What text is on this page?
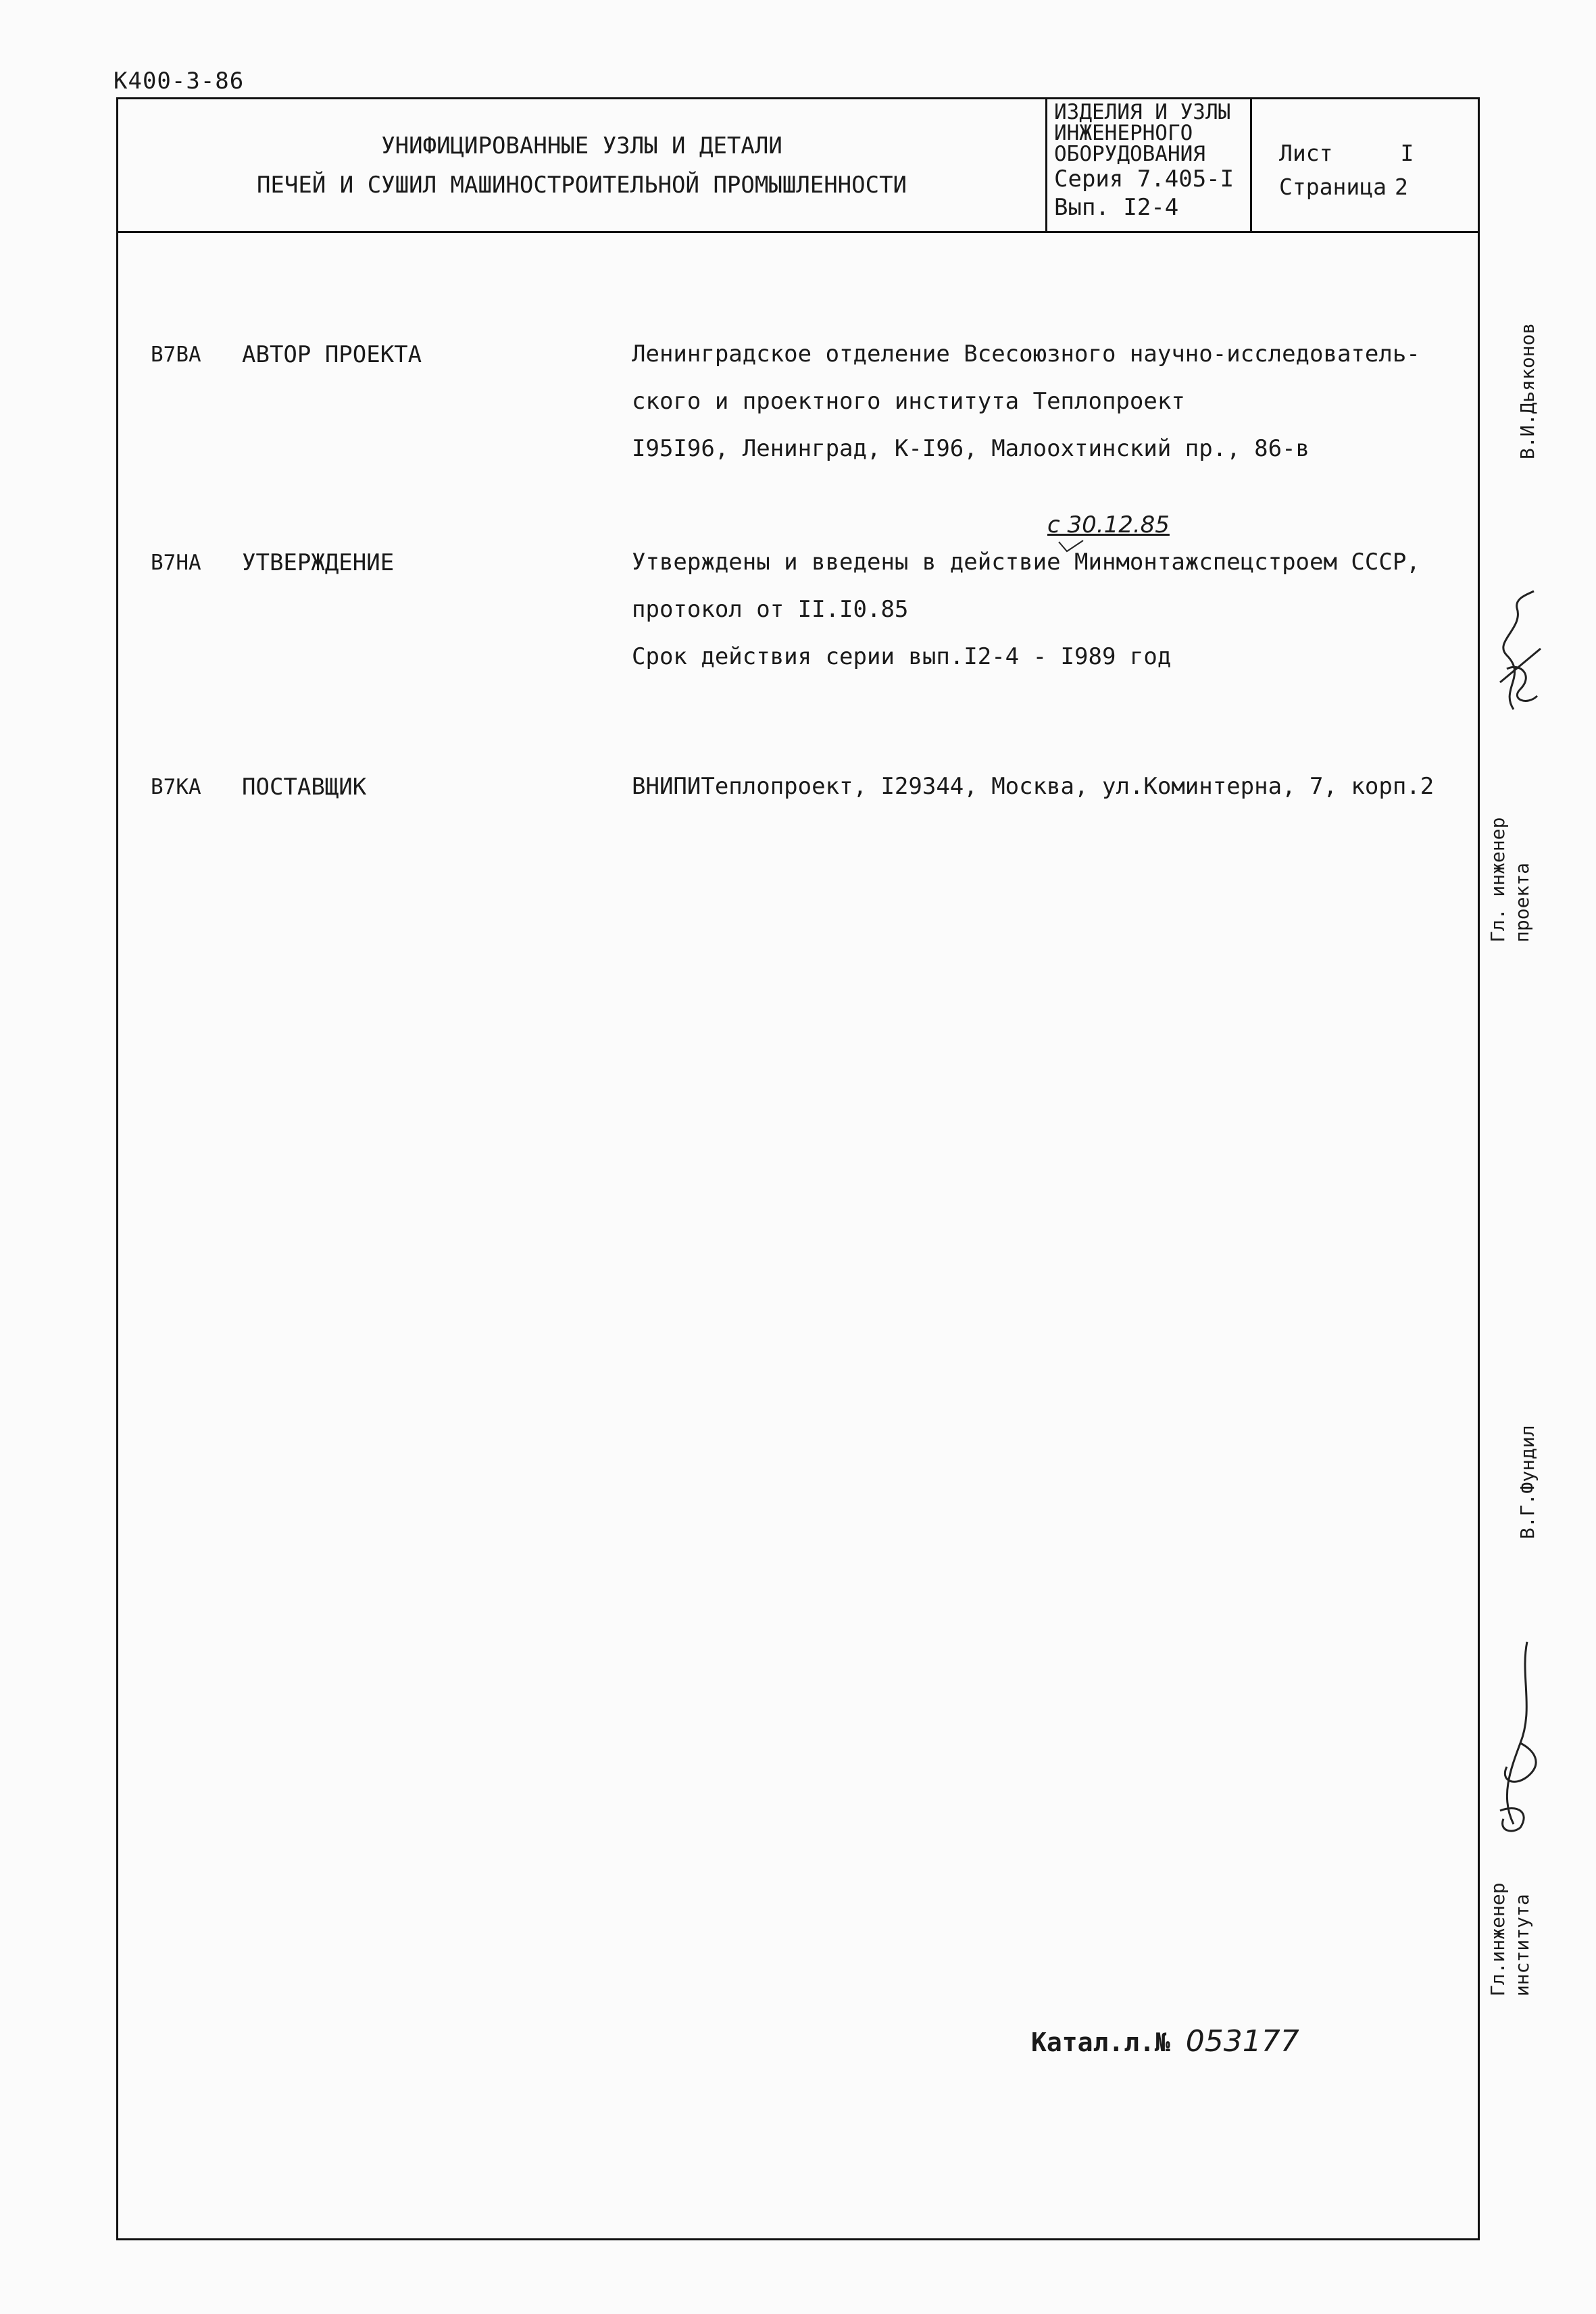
К400-3-86
УНИФИЦИРОВАННЫЕ УЗЛЫ И ДЕТАЛИ
ПЕЧЕЙ И СУШИЛ МАШИНОСТРОИТЕЛЬНОЙ ПРОМЫШЛЕННОСТИ
ИЗДЕЛИЯ И УЗЛЫ
ИНЖЕНЕРНОГО
ОБОРУДОВАНИЯ
Серия 7.405-I
Вып. I2-4
Лист	I
Страница 2
В7ВА АВТОР ПРОЕКТА	Ленинградское отделение Всесоюзного научно-исследователь-
ского и проектного института Теплопроект
I95I96, Ленинград, К-I96, Малоохтинский пр., 86-в
с 30.12.85
В7НА УТВЕРЖДЕНИЕ	Утверждены и введены в действие Минмонтажспецстроем СССР,
протокол от II.I0.85
Срок действия серии вып.I2-4 - I989 год
В7КА ПОСТАВЩИК	ВНИПИТеплопроект, I29344, Москва, ул.Коминтерна, 7, корп.2
Катал.л.№ 053177
В.И.Дьяконов
Гл. инженер проекта
В.Г.Фундил
Гл.инженер института
